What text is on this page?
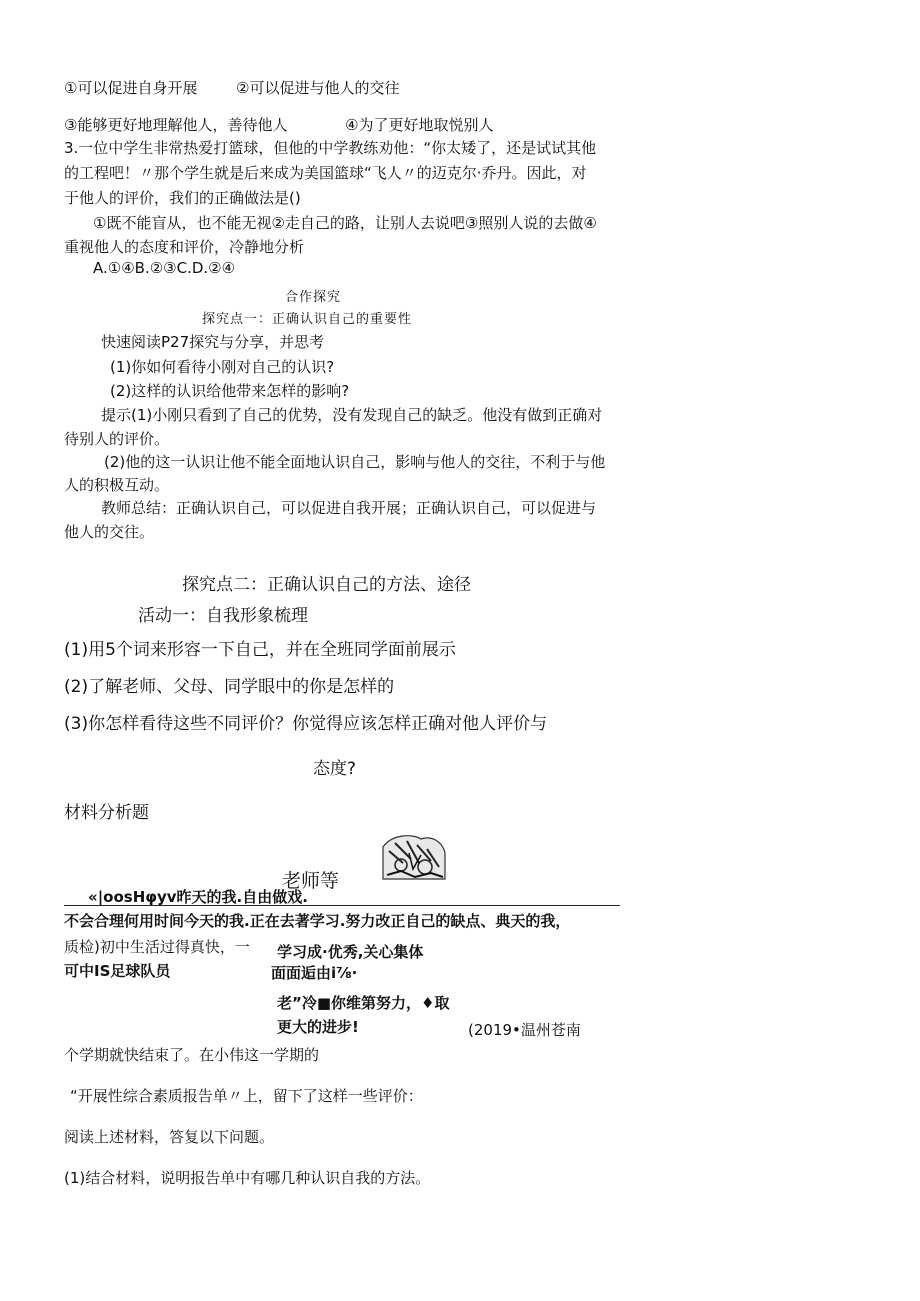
①可以促进自身开展	②可以促进与他人的交往
③能够更好地理解他人，善待他人	④为了更好地取悦别人
3.一位中学生非常热爱打篮球，但他的中学教练劝他：“你太矮了，还是试试其他
的工程吧！〃那个学生就是后来成为美国篮球“飞人〃的迈克尔·乔丹。因此，对
于他人的评价，我们的正确做法是()
①既不能盲从，也不能无视②走自己的路，让别人去说吧③照别人说的去做④
重视他人的态度和评价，冷静地分析
A.①④B.②③C.D.②④
合作探究
探究点一：正确认识自己的重要性
快速阅读P27探究与分享，并思考
(1)你如何看待小刚对自己的认识?
(2)这样的认识给他带来怎样的影响?
提示(1)小刚只看到了自己的优势，没有发现自己的缺乏。他没有做到正确对
待别人的评价。
(2)他的这一认识让他不能全面地认识自己，影响与他人的交往，不利于与他
人的积极互动。
教师总结：正确认识自己，可以促进自我开展；正确认识自己，可以促进与
他人的交往。
探究点二：正确认识自己的方法、途径
活动一：自我形象梳理
(1)用5个词来形容一下自己，并在全班同学面前展示
(2)了解老师、父母、同学眼中的你是怎样的
(3)你怎样看待这些不同评价？你觉得应该怎样正确对他人评价与
态度?
材料分析题
老师等
«|oosHφyv昨天的我.自由做戏.
不会合理何用时间今天的我.正在去著学习.努力改正自己的缺点、典天的我，
质检)初中生活过得真快，一 学习成·优秀,关心集体
可中IS足球队员	面面逅由i⅞·
老”冷■你维第努力，♦取
更大的进步!	(2019•温州苍南
个学期就快结束了。在小伟这一学期的
“开展性综合素质报告单〃上，留下了这样一些评价：
阅读上述材料，答复以下问题。
(1)结合材料，说明报告单中有哪几种认识自我的方法。
